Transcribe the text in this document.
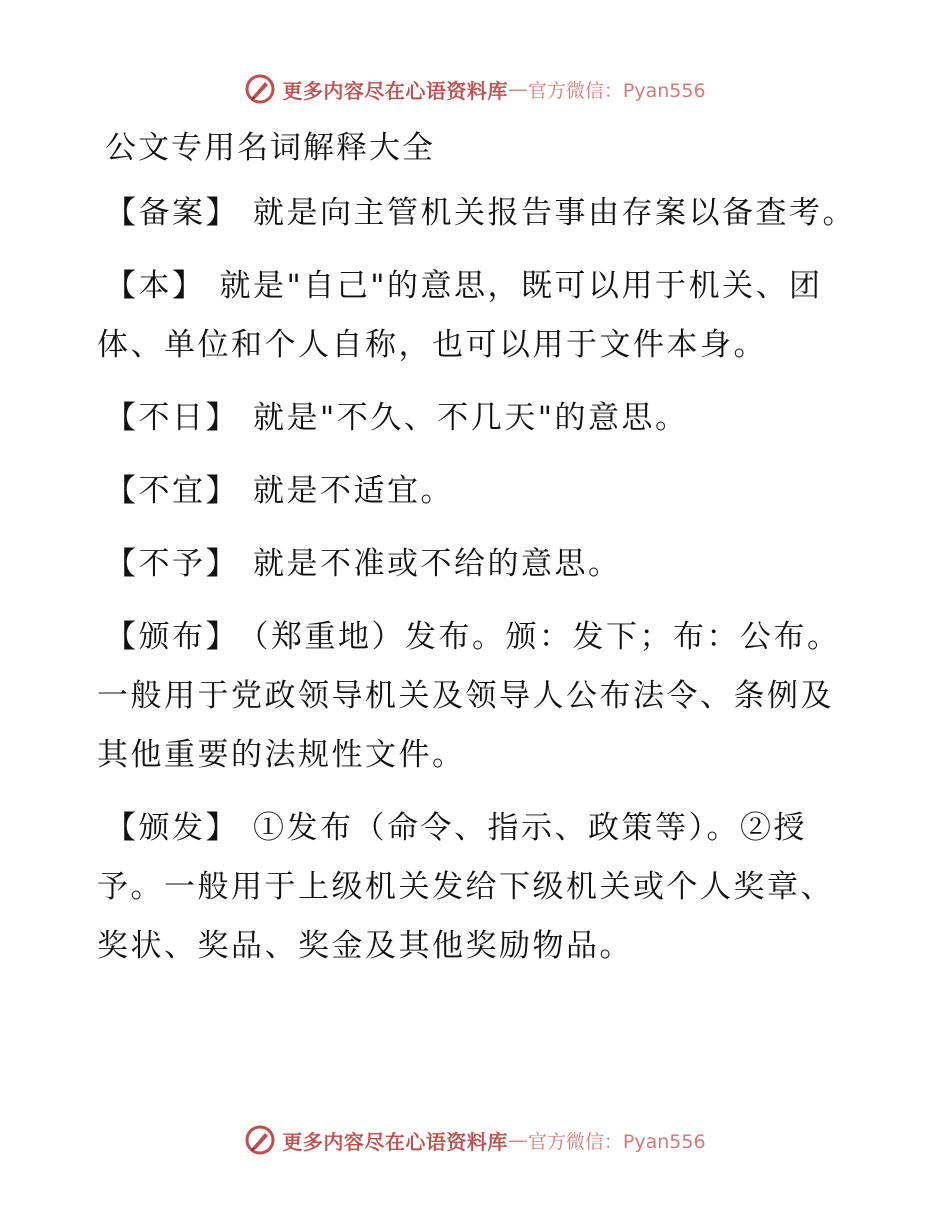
更多内容尽在心语资料库 — 官方微信：Pyan556
公文专用名词解释大全

【备案】 就是向主管机关报告事由存案以备查考。

【本】 就是"自己"的意思，既可以用于机关、团体、单位和个人自称，也可以用于文件本身。

【不日】 就是"不久、不几天"的意思。

【不宜】 就是不适宜。

【不予】 就是不准或不给的意思。

【颁布】 （郑重地）发布。颁：发下；布：公布。一般用于党政领导机关及领导人公布法令、条例及其他重要的法规性文件。

【颁发】 ①发布（命令、指示、政策等）。②授予。一般用于上级机关发给下级机关或个人奖章、奖状、奖品、奖金及其他奖励物品。

更多内容尽在心语资料库 — 官方微信：Pyan556
